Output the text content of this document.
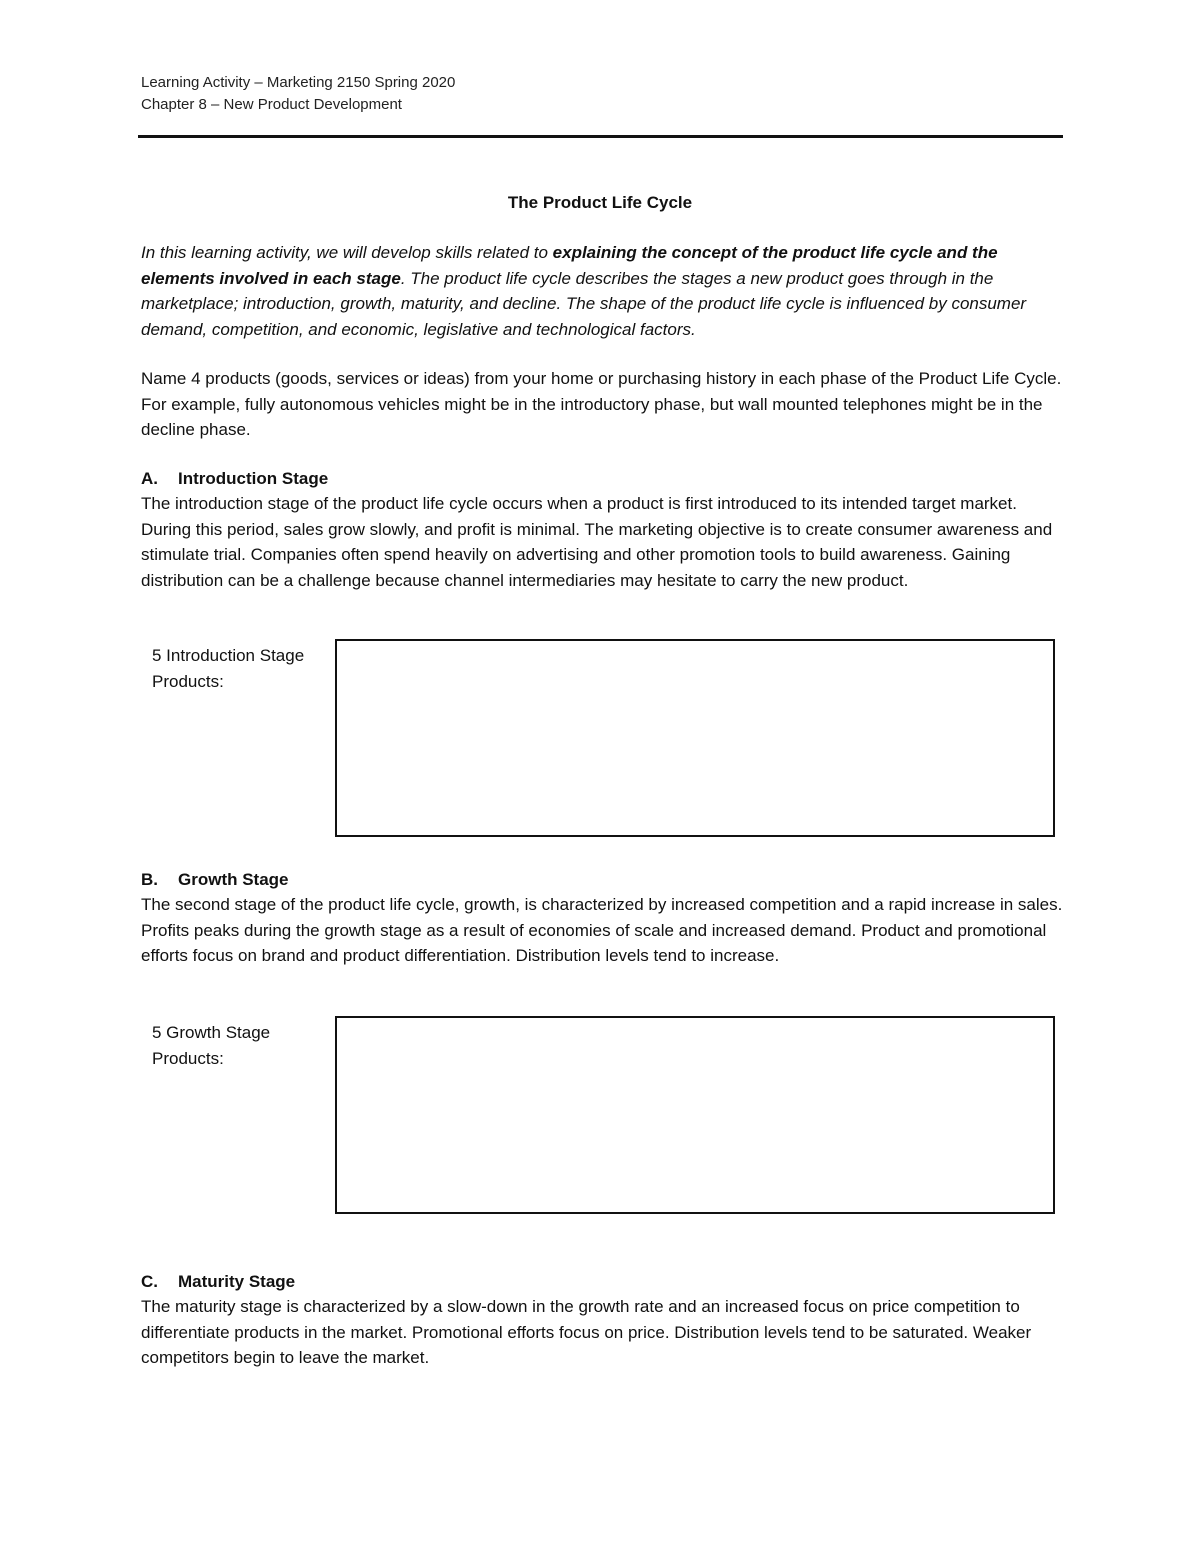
Learning Activity – Marketing 2150 Spring 2020
Chapter 8 – New Product Development
The Product Life Cycle

In this learning activity, we will develop skills related to explaining the concept of the product life cycle and the elements involved in each stage. The product life cycle describes the stages a new product goes through in the marketplace; introduction, growth, maturity, and decline. The shape of the product life cycle is influenced by consumer demand, competition, and economic, legislative and technological factors.

Name 4 products (goods, services or ideas) from your home or purchasing history in each phase of the Product Life Cycle. For example, fully autonomous vehicles might be in the introductory phase, but wall mounted telephones might be in the decline phase.

A. Introduction Stage

The introduction stage of the product life cycle occurs when a product is first introduced to its intended target market. During this period, sales grow slowly, and profit is minimal. The marketing objective is to create consumer awareness and stimulate trial. Companies often spend heavily on advertising and other promotion tools to build awareness. Gaining distribution can be a challenge because channel intermediaries may hesitate to carry the new product.

5 Introduction Stage
Products:
B. Growth Stage

The second stage of the product life cycle, growth, is characterized by increased competition and a rapid increase in sales. Profits peaks during the growth stage as a result of economies of scale and increased demand. Product and promotional efforts focus on brand and product differentiation. Distribution levels tend to increase.

5 Growth Stage
Products:
C. Maturity Stage

The maturity stage is characterized by a slow-down in the growth rate and an increased focus on price competition to differentiate products in the market. Promotional efforts focus on price. Distribution levels tend to be saturated. Weaker competitors begin to leave the market.
